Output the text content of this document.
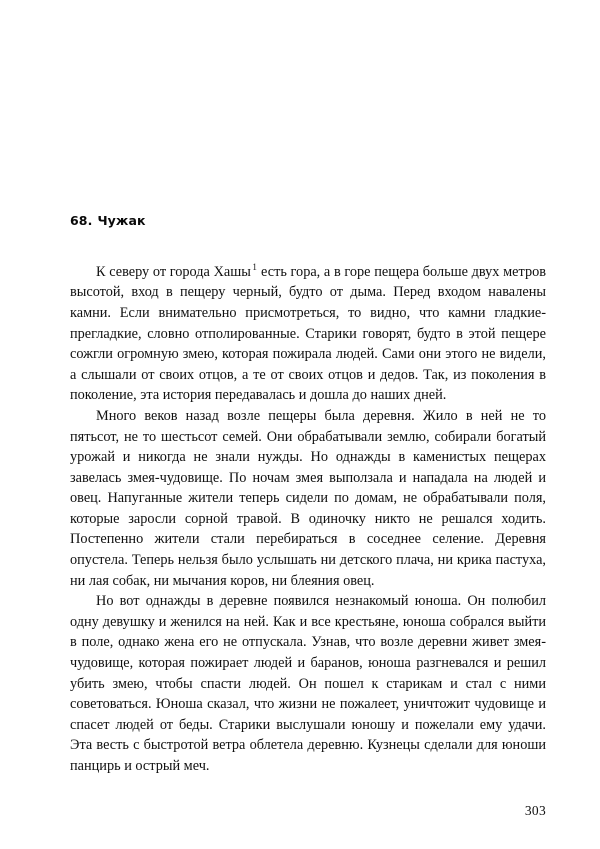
68. Чужак

К северу от города Хашы $^1$ есть гора, а в горе пещера больше двух метров высотой, вход в пещеру черный, будто от дыма. Перед входом навалены камни. Если внимательно присмотреться, то видно, что камни гладкие-прегладкие, словно отполированные. Старики говорят, будто в этой пещере сожгли огромную змею, которая пожирала людей. Сами они этого не видели, а слышали от своих отцов, а те от своих отцов и дедов. Так, из поколения в поколение, эта история передавалась и дошла до наших дней.

Много веков назад возле пещеры была деревня. Жило в ней не то пятьсот, не то шестьсот семей. Они обрабатывали землю, собирали богатый урожай и никогда не знали нужды. Но однажды в каменистых пещерах завелась змея-чудовище. По ночам змея выползала и нападала на людей и овец. Напуганные жители теперь сидели по домам, не обрабатывали поля, которые заросли сорной травой. В одиночку никто не решался ходить. Постепенно жители стали перебираться в соседнее селение. Деревня опустела. Теперь нельзя было услышать ни детского плача, ни крика пастуха, ни лая собак, ни мычания коров, ни блеяния овец.

Но вот однажды в деревне появился незнакомый юноша. Он полюбил одну девушку и женился на ней. Как и все крестьяне, юноша собрался выйти в поле, однако жена его не отпускала. Узнав, что возле деревни живет змея-чудовище, которая пожирает людей и баранов, юноша разгневался и решил убить змею, чтобы спасти людей. Он пошел к старикам и стал с ними советоваться. Юноша сказал, что жизни не пожалеет, уничтожит чудовище и спасет людей от беды. Старики выслушали юношу и пожелали ему удачи. Эта весть с быстротой ветра облетела деревню. Кузнецы сделали для юноши панцирь и острый меч.

303
